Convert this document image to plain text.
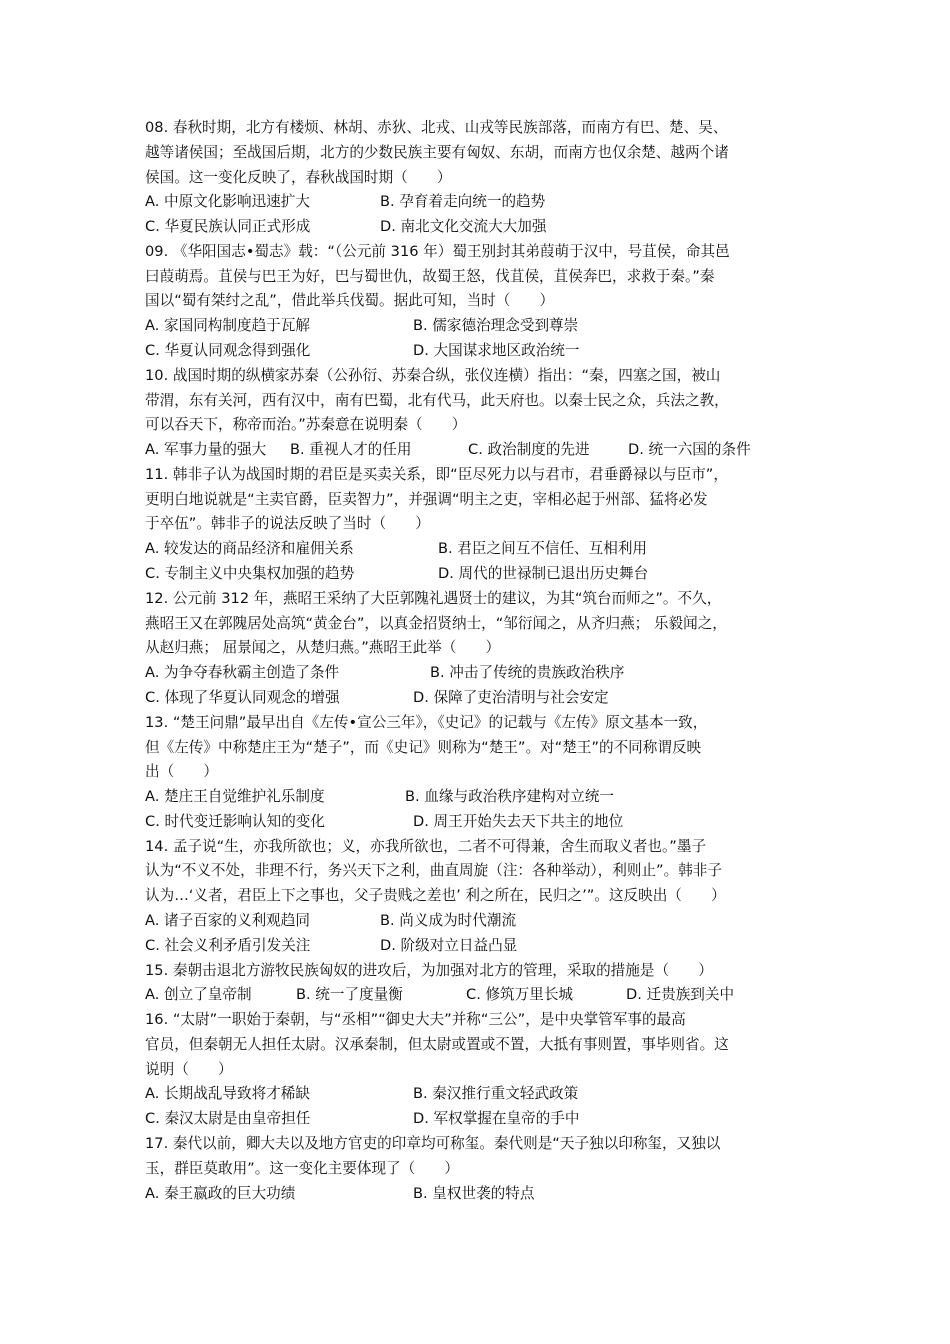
08. 春秋时期，北方有楼烦、林胡、赤狄、北戎、山戎等民族部落，而南方有巴、楚、吴、
越等诸侯国；至战国后期，北方的少数民族主要有匈奴、东胡，而南方也仅余楚、越两个诸
侯国。这一变化反映了，春秋战国时期（　　）
A. 中原文化影响迅速扩大	B. 孕育着走向统一的趋势
C. 华夏民族认同正式形成	D. 南北文化交流大大加强
09. 《华阳国志•蜀志》载：“（公元前 316 年）蜀王别封其弟葭萌于汉中，号苴侯，命其邑
曰葭萌焉。苴侯与巴王为好，巴与蜀世仇，故蜀王怒，伐苴侯，苴侯奔巴，求救于秦。”秦
国以“蜀有桀纣之乱”，借此举兵伐蜀。据此可知，当时（　　）
A. 家国同构制度趋于瓦解	B. 儒家德治理念受到尊崇
C. 华夏认同观念得到强化	D. 大国谋求地区政治统一
10. 战国时期的纵横家苏秦（公孙衍、苏秦合纵，张仪连横）指出：“秦，四塞之国，被山
带渭，东有关河，西有汉中，南有巴蜀，北有代马，此天府也。以秦士民之众，兵法之教，
可以吞天下，称帝而治。”苏秦意在说明秦（　　）
A. 军事力量的强大 B. 重视人才的任用	C. 政治制度的先进	D. 统一六国的条件
11. 韩非子认为战国时期的君臣是买卖关系，即“臣尽死力以与君市，君垂爵禄以与臣市”，
更明白地说就是“主卖官爵，臣卖智力”，并强调“明主之吏，宰相必起于州部、猛将必发
于卒伍”。韩非子的说法反映了当时（　　）
A. 较发达的商品经济和雇佣关系	B. 君臣之间互不信任、互相利用
C. 专制主义中央集权加强的趋势	D. 周代的世禄制已退出历史舞台
12. 公元前 312 年，燕昭王采纳了大臣郭隗礼遇贤士的建议，为其“筑台而师之”。不久，
燕昭王又在郭隗居处高筑“黄金台”，以真金招贤纳士，“邹衍闻之，从齐归燕； 乐毅闻之，
从赵归燕； 屈景闻之，从楚归燕。”燕昭王此举（　　）
A. 为争夺春秋霸主创造了条件	B. 冲击了传统的贵族政治秩序
C. 体现了华夏认同观念的增强	D. 保障了吏治清明与社会安定
13. “楚王问鼎”最早出自《左传•宣公三年》，《史记》的记载与《左传》原文基本一致，
但《左传》中称楚庄王为“楚子”，而《史记》则称为“楚王”。对“楚王”的不同称谓反映
出（　　）
A. 楚庄王自觉维护礼乐制度	B. 血缘与政治秩序建构对立统一
C. 时代变迁影响认知的变化	D. 周王开始失去天下共主的地位
14. 孟子说“生，亦我所欲也；义，亦我所欲也，二者不可得兼，舍生而取义者也。”墨子
认为“不义不处，非理不行，务兴天下之利，曲直周旋（注：各种举动），利则止”。韩非子
认为…‘义者，君臣上下之事也，父子贵贱之差也’ 利之所在，民归之’”。这反映出（　　）
A. 诸子百家的义利观趋同	B. 尚义成为时代潮流
C. 社会义利矛盾引发关注	D. 阶级对立日益凸显
15. 秦朝击退北方游牧民族匈奴的进攻后，为加强对北方的管理，采取的措施是（　　）
A. 创立了皇帝制	B. 统一了度量衡	C. 修筑万里长城	D. 迁贵族到关中
16. “太尉”一职始于秦朝，与“丞相”“御史大夫”并称“三公”，是中央掌管军事的最高
官员，但秦朝无人担任太尉。汉承秦制，但太尉或置或不置，大抵有事则置，事毕则省。这
说明（　　）
A. 长期战乱导致将才稀缺	B. 秦汉推行重文轻武政策
C. 秦汉太尉是由皇帝担任	D. 军权掌握在皇帝的手中
17. 秦代以前，卿大夫以及地方官吏的印章均可称玺。秦代则是“天子独以印称玺，又独以
玉，群臣莫敢用”。这一变化主要体现了（　　）
A. 秦王嬴政的巨大功绩	B. 皇权世袭的特点
